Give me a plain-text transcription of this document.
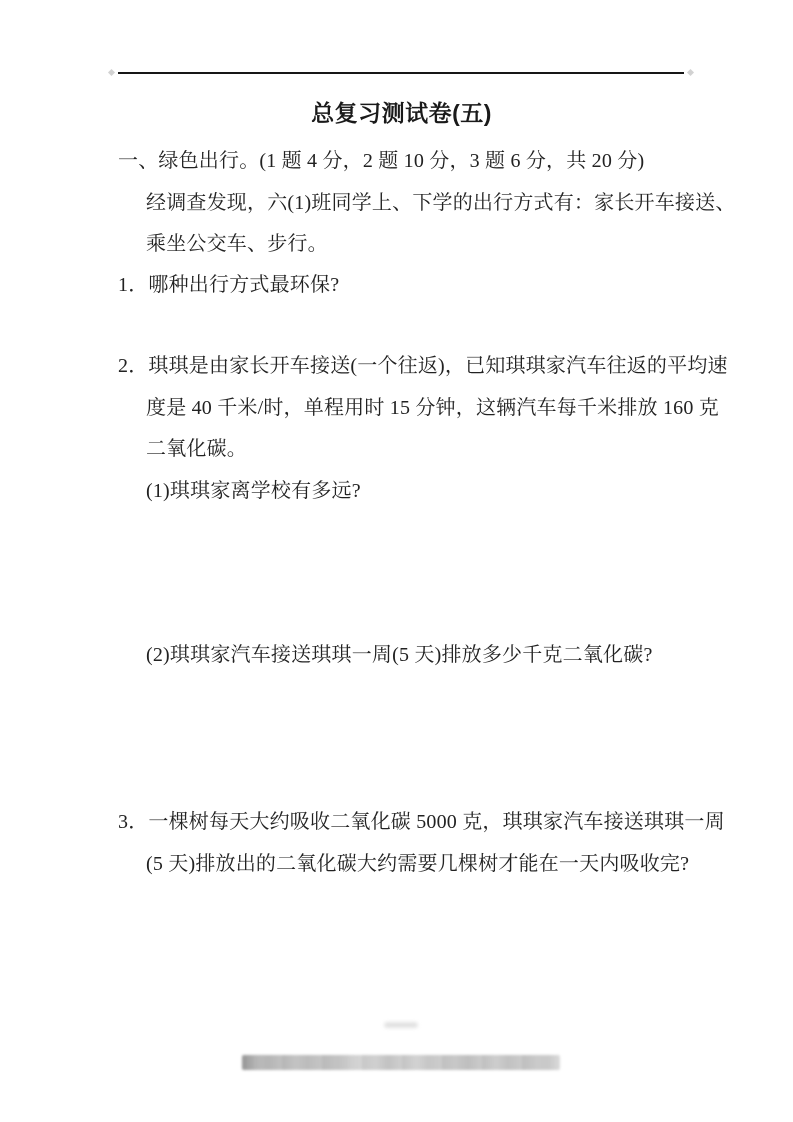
总复习测试卷(五)
一、绿色出行。(1 题 4 分，2 题 10 分，3 题 6 分，共 20 分)
经调查发现，六(1)班同学上、下学的出行方式有：家长开车接送、
乘坐公交车、步行。
1．哪种出行方式最环保?
2．琪琪是由家长开车接送(一个往返)，已知琪琪家汽车往返的平均速
度是 40 千米/时，单程用时 15 分钟，这辆汽车每千米排放 160 克
二氧化碳。
(1)琪琪家离学校有多远?
(2)琪琪家汽车接送琪琪一周(5 天)排放多少千克二氧化碳?
3．一棵树每天大约吸收二氧化碳 5000 克，琪琪家汽车接送琪琪一周
(5 天)排放出的二氧化碳大约需要几棵树才能在一天内吸收完?
